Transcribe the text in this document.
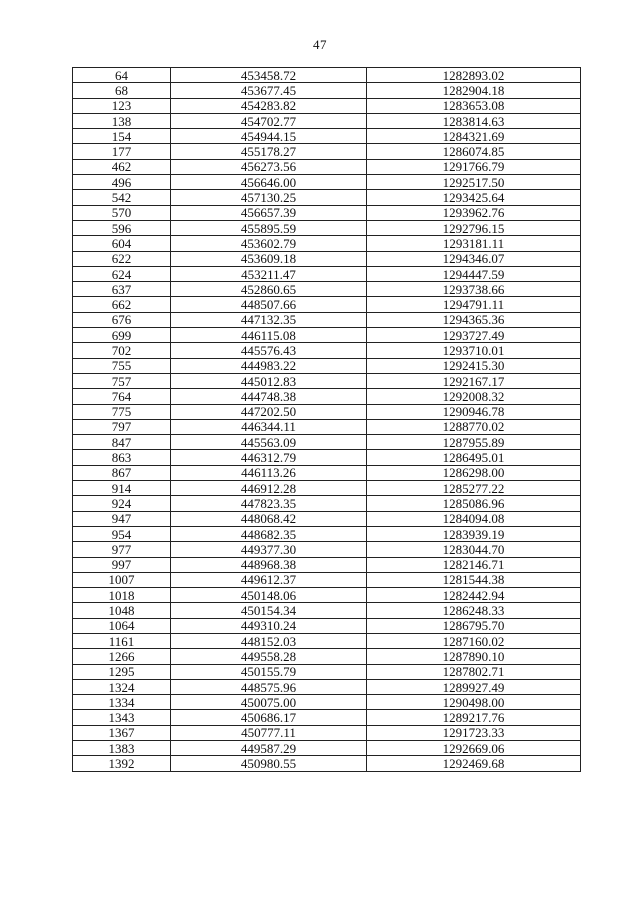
47
64	453458.72	1282893.02
68	453677.45	1282904.18
123	454283.82	1283653.08
138	454702.77	1283814.63
154	454944.15	1284321.69
177	455178.27	1286074.85
462	456273.56	1291766.79
496	456646.00	1292517.50
542	457130.25	1293425.64
570	456657.39	1293962.76
596	455895.59	1292796.15
604	453602.79	1293181.11
622	453609.18	1294346.07
624	453211.47	1294447.59
637	452860.65	1293738.66
662	448507.66	1294791.11
676	447132.35	1294365.36
699	446115.08	1293727.49
702	445576.43	1293710.01
755	444983.22	1292415.30
757	445012.83	1292167.17
764	444748.38	1292008.32
775	447202.50	1290946.78
797	446344.11	1288770.02
847	445563.09	1287955.89
863	446312.79	1286495.01
867	446113.26	1286298.00
914	446912.28	1285277.22
924	447823.35	1285086.96
947	448068.42	1284094.08
954	448682.35	1283939.19
977	449377.30	1283044.70
997	448968.38	1282146.71
1007	449612.37	1281544.38
1018	450148.06	1282442.94
1048	450154.34	1286248.33
1064	449310.24	1286795.70
1161	448152.03	1287160.02
1266	449558.28	1287890.10
1295	450155.79	1287802.71
1324	448575.96	1289927.49
1334	450075.00	1290498.00
1343	450686.17	1289217.76
1367	450777.11	1291723.33
1383	449587.29	1292669.06
1392	450980.55	1292469.68
